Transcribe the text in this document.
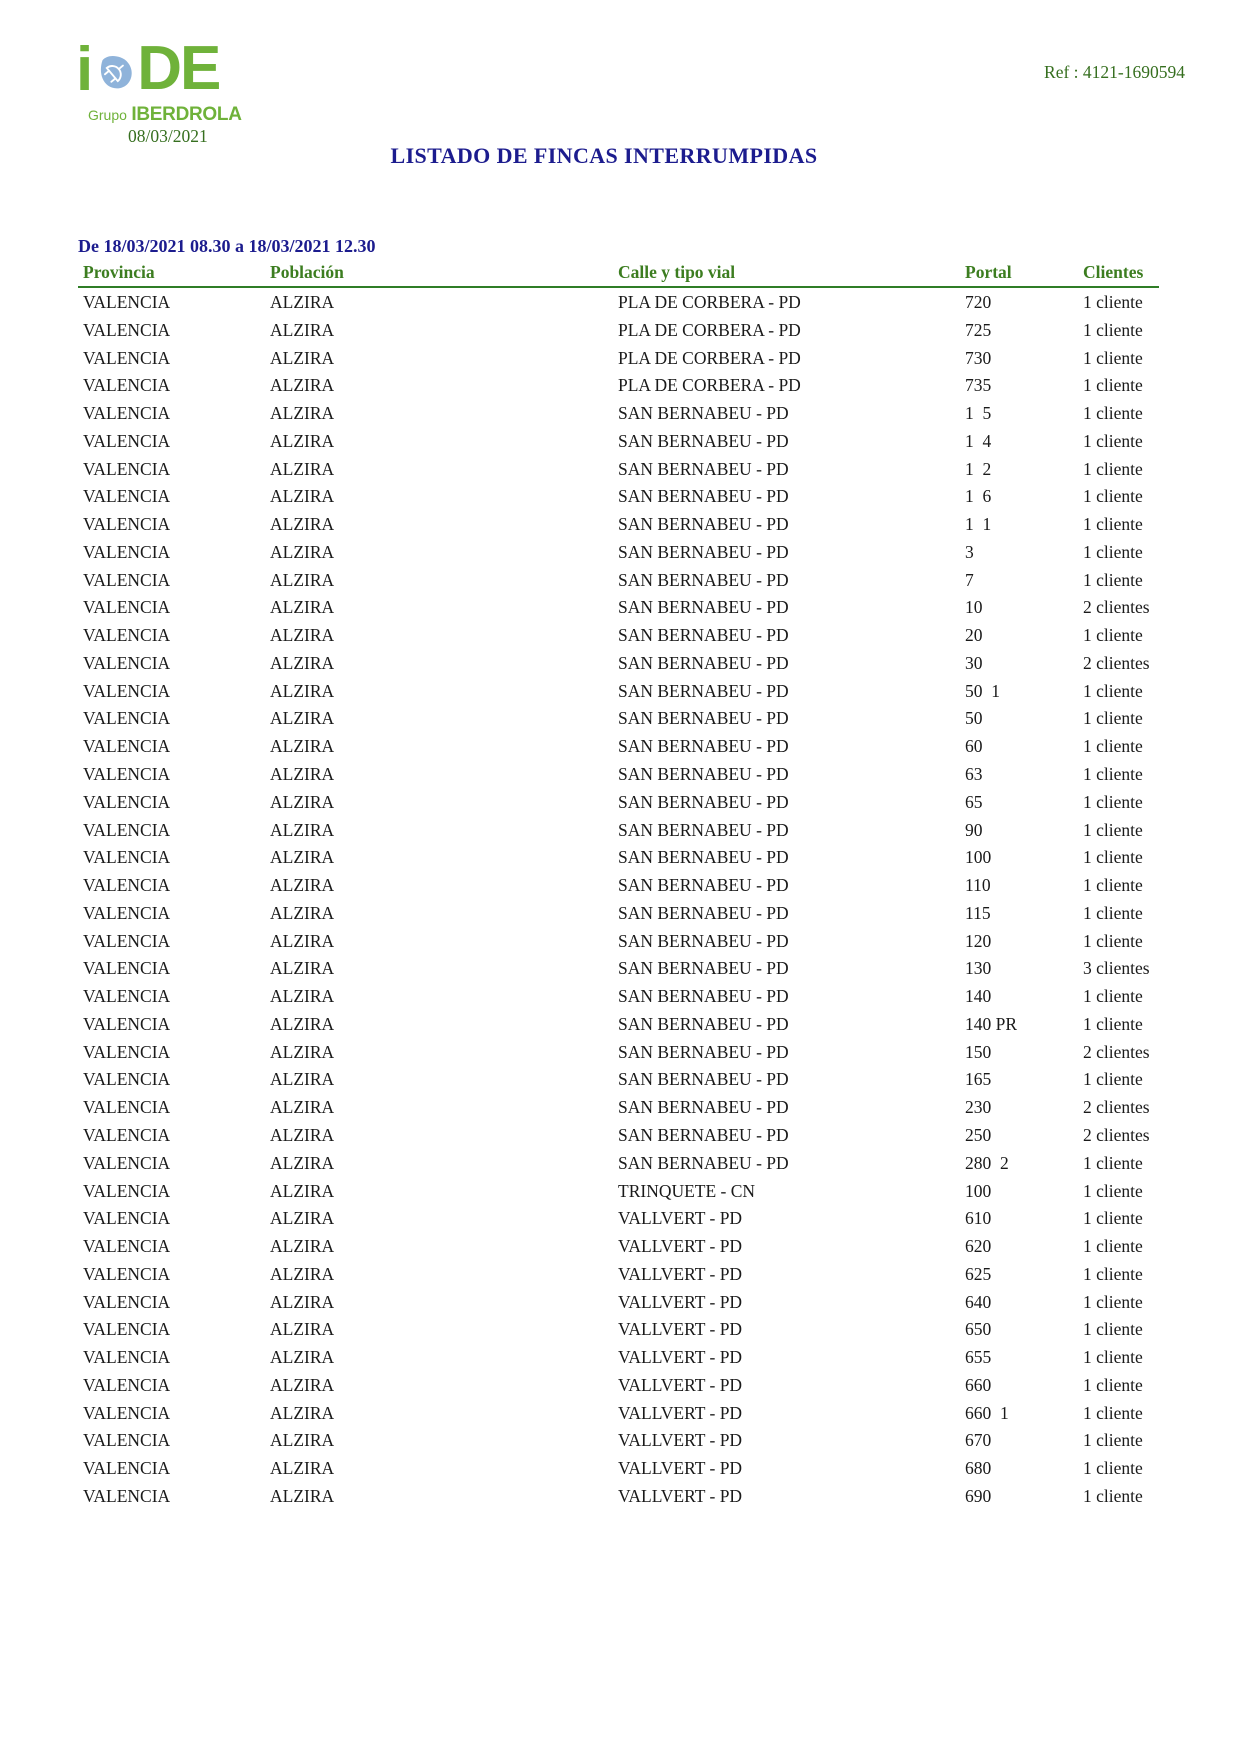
i DE
Grupo IBERDROLA
08/03/2021
Ref : 4121-1690594
LISTADO DE FINCAS INTERRUMPIDAS
De 18/03/2021 08.30 a 18/03/2021 12.30
Provincia	Población	Calle y tipo vial	Portal	Clientes
VALENCIA	ALZIRA	PLA DE CORBERA - PD	720	1 cliente
VALENCIA	ALZIRA	PLA DE CORBERA - PD	725	1 cliente
VALENCIA	ALZIRA	PLA DE CORBERA - PD	730	1 cliente
VALENCIA	ALZIRA	PLA DE CORBERA - PD	735	1 cliente
VALENCIA	ALZIRA	SAN BERNABEU - PD	1  5	1 cliente
VALENCIA	ALZIRA	SAN BERNABEU - PD	1  4	1 cliente
VALENCIA	ALZIRA	SAN BERNABEU - PD	1  2	1 cliente
VALENCIA	ALZIRA	SAN BERNABEU - PD	1  6	1 cliente
VALENCIA	ALZIRA	SAN BERNABEU - PD	1  1	1 cliente
VALENCIA	ALZIRA	SAN BERNABEU - PD	3	1 cliente
VALENCIA	ALZIRA	SAN BERNABEU - PD	7	1 cliente
VALENCIA	ALZIRA	SAN BERNABEU - PD	10	2 clientes
VALENCIA	ALZIRA	SAN BERNABEU - PD	20	1 cliente
VALENCIA	ALZIRA	SAN BERNABEU - PD	30	2 clientes
VALENCIA	ALZIRA	SAN BERNABEU - PD	50  1	1 cliente
VALENCIA	ALZIRA	SAN BERNABEU - PD	50	1 cliente
VALENCIA	ALZIRA	SAN BERNABEU - PD	60	1 cliente
VALENCIA	ALZIRA	SAN BERNABEU - PD	63	1 cliente
VALENCIA	ALZIRA	SAN BERNABEU - PD	65	1 cliente
VALENCIA	ALZIRA	SAN BERNABEU - PD	90	1 cliente
VALENCIA	ALZIRA	SAN BERNABEU - PD	100	1 cliente
VALENCIA	ALZIRA	SAN BERNABEU - PD	110	1 cliente
VALENCIA	ALZIRA	SAN BERNABEU - PD	115	1 cliente
VALENCIA	ALZIRA	SAN BERNABEU - PD	120	1 cliente
VALENCIA	ALZIRA	SAN BERNABEU - PD	130	3 clientes
VALENCIA	ALZIRA	SAN BERNABEU - PD	140	1 cliente
VALENCIA	ALZIRA	SAN BERNABEU - PD	140 PR	1 cliente
VALENCIA	ALZIRA	SAN BERNABEU - PD	150	2 clientes
VALENCIA	ALZIRA	SAN BERNABEU - PD	165	1 cliente
VALENCIA	ALZIRA	SAN BERNABEU - PD	230	2 clientes
VALENCIA	ALZIRA	SAN BERNABEU - PD	250	2 clientes
VALENCIA	ALZIRA	SAN BERNABEU - PD	280  2	1 cliente
VALENCIA	ALZIRA	TRINQUETE - CN	100	1 cliente
VALENCIA	ALZIRA	VALLVERT - PD	610	1 cliente
VALENCIA	ALZIRA	VALLVERT - PD	620	1 cliente
VALENCIA	ALZIRA	VALLVERT - PD	625	1 cliente
VALENCIA	ALZIRA	VALLVERT - PD	640	1 cliente
VALENCIA	ALZIRA	VALLVERT - PD	650	1 cliente
VALENCIA	ALZIRA	VALLVERT - PD	655	1 cliente
VALENCIA	ALZIRA	VALLVERT - PD	660	1 cliente
VALENCIA	ALZIRA	VALLVERT - PD	660  1	1 cliente
VALENCIA	ALZIRA	VALLVERT - PD	670	1 cliente
VALENCIA	ALZIRA	VALLVERT - PD	680	1 cliente
VALENCIA	ALZIRA	VALLVERT - PD	690	1 cliente
